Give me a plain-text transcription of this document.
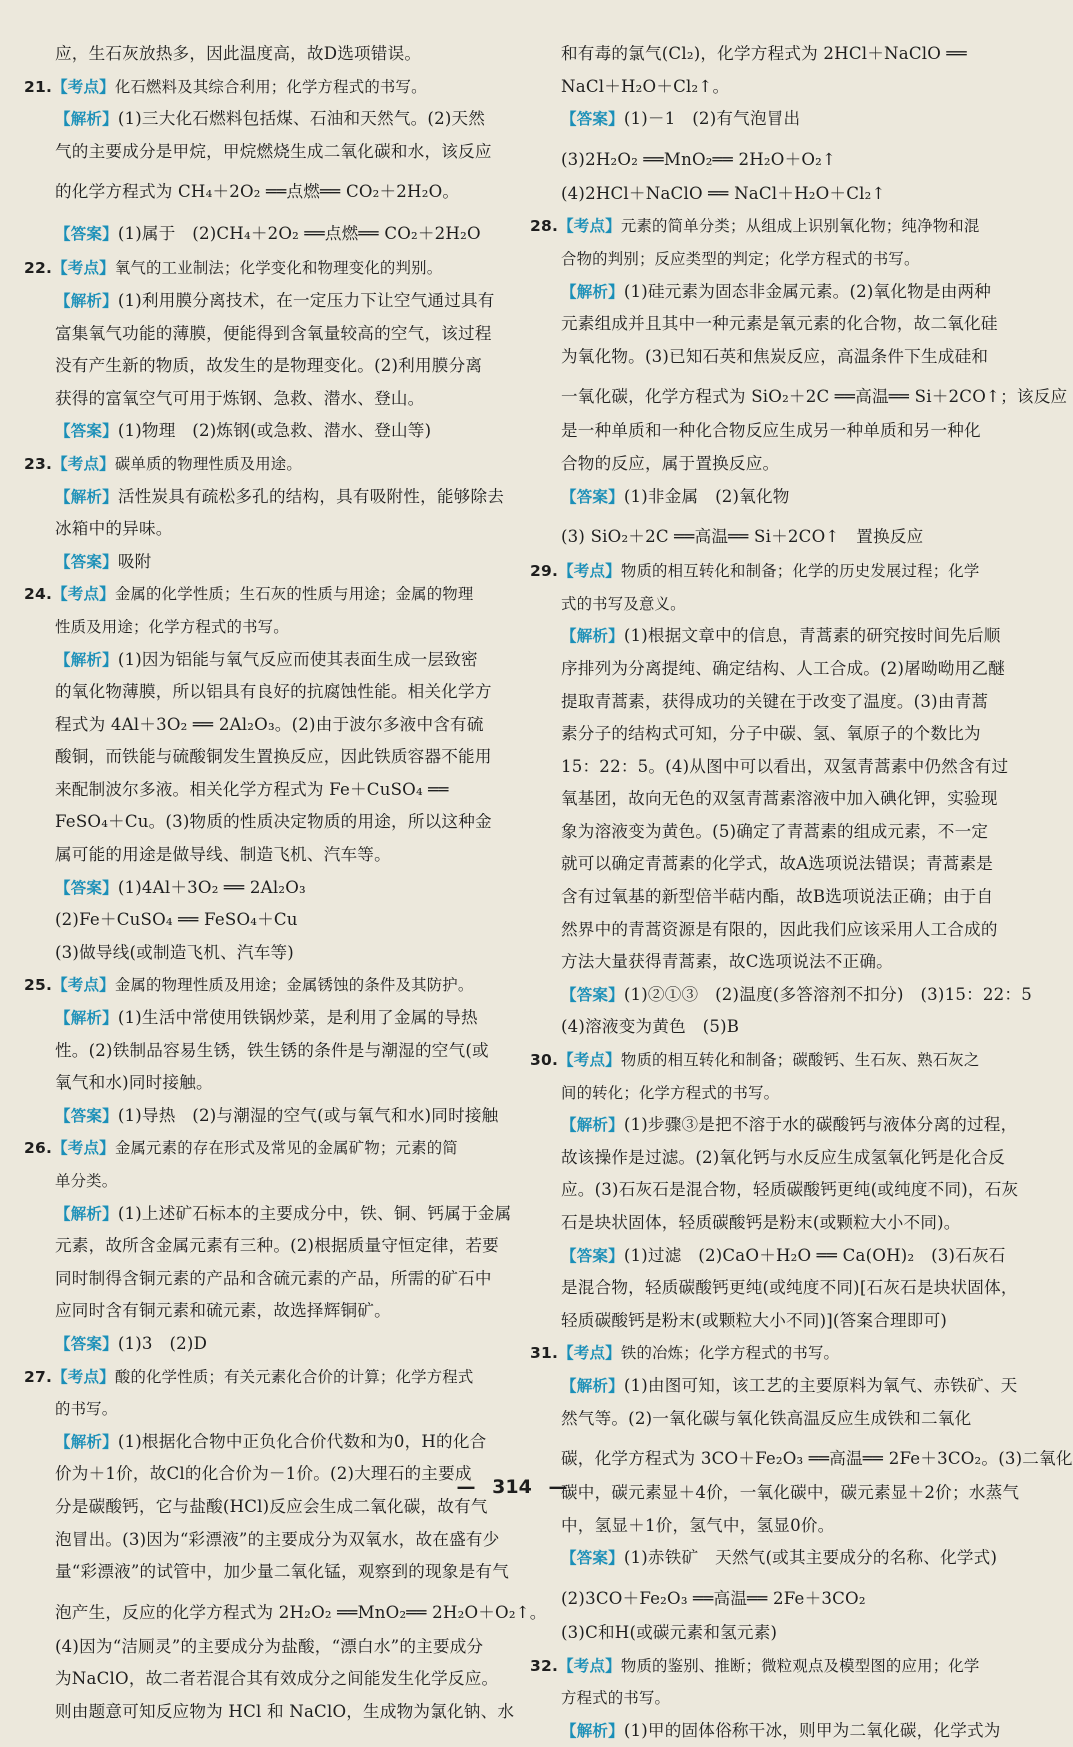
应，生石灰放热多，因此温度高，故D选项错误。
21.【考点】化石燃料及其综合利用；化学方程式的书写。
【解析】(1)三大化石燃料包括煤、石油和天然气。(2)天然
气的主要成分是甲烷，甲烷燃烧生成二氧化碳和水，该反应
的化学方程式为 CH₄＋2O₂ ══点燃══ CO₂＋2H₂O。
【答案】(1)属于　(2)CH₄＋2O₂ ══点燃══ CO₂＋2H₂O
22.【考点】氧气的工业制法；化学变化和物理变化的判别。
【解析】(1)利用膜分离技术，在一定压力下让空气通过具有
富集氧气功能的薄膜，便能得到含氧量较高的空气，该过程
没有产生新的物质，故发生的是物理变化。(2)利用膜分离
获得的富氧空气可用于炼钢、急救、潜水、登山。
【答案】(1)物理　(2)炼钢(或急救、潜水、登山等)
23.【考点】碳单质的物理性质及用途。
【解析】活性炭具有疏松多孔的结构，具有吸附性，能够除去
冰箱中的异味。
【答案】吸附
24.【考点】金属的化学性质；生石灰的性质与用途；金属的物理
性质及用途；化学方程式的书写。
【解析】(1)因为铝能与氧气反应而使其表面生成一层致密
的氧化物薄膜，所以铝具有良好的抗腐蚀性能。相关化学方
程式为 4Al＋3O₂ ══ 2Al₂O₃。(2)由于波尔多液中含有硫
酸铜，而铁能与硫酸铜发生置换反应，因此铁质容器不能用
来配制波尔多液。相关化学方程式为 Fe＋CuSO₄ ══
FeSO₄＋Cu。(3)物质的性质决定物质的用途，所以这种金
属可能的用途是做导线、制造飞机、汽车等。
【答案】(1)4Al＋3O₂ ══ 2Al₂O₃
(2)Fe＋CuSO₄ ══ FeSO₄＋Cu
(3)做导线(或制造飞机、汽车等)
25.【考点】金属的物理性质及用途；金属锈蚀的条件及其防护。
【解析】(1)生活中常使用铁锅炒菜，是利用了金属的导热
性。(2)铁制品容易生锈，铁生锈的条件是与潮湿的空气(或
氧气和水)同时接触。
【答案】(1)导热　(2)与潮湿的空气(或与氧气和水)同时接触
26.【考点】金属元素的存在形式及常见的金属矿物；元素的简
单分类。
【解析】(1)上述矿石标本的主要成分中，铁、铜、钙属于金属
元素，故所含金属元素有三种。(2)根据质量守恒定律，若要
同时制得含铜元素的产品和含硫元素的产品，所需的矿石中
应同时含有铜元素和硫元素，故选择辉铜矿。
【答案】(1)3　(2)D
27.【考点】酸的化学性质；有关元素化合价的计算；化学方程式
的书写。
【解析】(1)根据化合物中正负化合价代数和为0，H的化合
价为＋1价，故Cl的化合价为－1价。(2)大理石的主要成
分是碳酸钙，它与盐酸(HCl)反应会生成二氧化碳，故有气
泡冒出。(3)因为“彩漂液”的主要成分为双氧水，故在盛有少
量“彩漂液”的试管中，加少量二氧化锰，观察到的现象是有气
泡产生，反应的化学方程式为 2H₂O₂ ══MnO₂══ 2H₂O＋O₂↑。
(4)因为“洁厕灵”的主要成分为盐酸，“漂白水”的主要成分
为NaClO，故二者若混合其有效成分之间能发生化学反应。
则由题意可知反应物为 HCl 和 NaClO，生成物为氯化钠、水
和有毒的氯气(Cl₂)，化学方程式为 2HCl＋NaClO ══
NaCl＋H₂O＋Cl₂↑。
【答案】(1)－1　(2)有气泡冒出
(3)2H₂O₂ ══MnO₂══ 2H₂O＋O₂↑
(4)2HCl＋NaClO ══ NaCl＋H₂O＋Cl₂↑
28.【考点】元素的简单分类；从组成上识别氧化物；纯净物和混
合物的判别；反应类型的判定；化学方程式的书写。
【解析】(1)硅元素为固态非金属元素。(2)氧化物是由两种
元素组成并且其中一种元素是氧元素的化合物，故二氧化硅
为氧化物。(3)已知石英和焦炭反应，高温条件下生成硅和
一氧化碳，化学方程式为 SiO₂＋2C ══高温══ Si＋2CO↑；该反应
是一种单质和一种化合物反应生成另一种单质和另一种化
合物的反应，属于置换反应。
【答案】(1)非金属　(2)氧化物
(3) SiO₂＋2C ══高温══ Si＋2CO↑　置换反应
29.【考点】物质的相互转化和制备；化学的历史发展过程；化学
式的书写及意义。
【解析】(1)根据文章中的信息，青蒿素的研究按时间先后顺
序排列为分离提纯、确定结构、人工合成。(2)屠呦呦用乙醚
提取青蒿素，获得成功的关键在于改变了温度。(3)由青蒿
素分子的结构式可知，分子中碳、氢、氧原子的个数比为
15：22：5。(4)从图中可以看出，双氢青蒿素中仍然含有过
氧基团，故向无色的双氢青蒿素溶液中加入碘化钾，实验现
象为溶液变为黄色。(5)确定了青蒿素的组成元素，不一定
就可以确定青蒿素的化学式，故A选项说法错误；青蒿素是
含有过氧基的新型倍半萜内酯，故B选项说法正确；由于自
然界中的青蒿资源是有限的，因此我们应该采用人工合成的
方法大量获得青蒿素，故C选项说法不正确。
【答案】(1)②①③　(2)温度(多答溶剂不扣分)　(3)15：22：5
(4)溶液变为黄色　(5)B
30.【考点】物质的相互转化和制备；碳酸钙、生石灰、熟石灰之
间的转化；化学方程式的书写。
【解析】(1)步骤③是把不溶于水的碳酸钙与液体分离的过程，
故该操作是过滤。(2)氧化钙与水反应生成氢氧化钙是化合反
应。(3)石灰石是混合物，轻质碳酸钙更纯(或纯度不同)，石灰
石是块状固体，轻质碳酸钙是粉末(或颗粒大小不同)。
【答案】(1)过滤　(2)CaO＋H₂O ══ Ca(OH)₂　(3)石灰石
是混合物，轻质碳酸钙更纯(或纯度不同)[石灰石是块状固体，
轻质碳酸钙是粉末(或颗粒大小不同)](答案合理即可)
31.【考点】铁的冶炼；化学方程式的书写。
【解析】(1)由图可知，该工艺的主要原料为氧气、赤铁矿、天
然气等。(2)一氧化碳与氧化铁高温反应生成铁和二氧化
碳，化学方程式为 3CO＋Fe₂O₃ ══高温══ 2Fe＋3CO₂。(3)二氧化
碳中，碳元素显＋4价，一氧化碳中，碳元素显＋2价；水蒸气
中，氢显＋1价，氢气中，氢显0价。
【答案】(1)赤铁矿　天然气(或其主要成分的名称、化学式)
(2)3CO＋Fe₂O₃ ══高温══ 2Fe＋3CO₂
(3)C和H(或碳元素和氢元素)
32.【考点】物质的鉴别、推断；微粒观点及模型图的应用；化学
方程式的书写。
【解析】(1)甲的固体俗称干冰，则甲为二氧化碳，化学式为
— 314 —
